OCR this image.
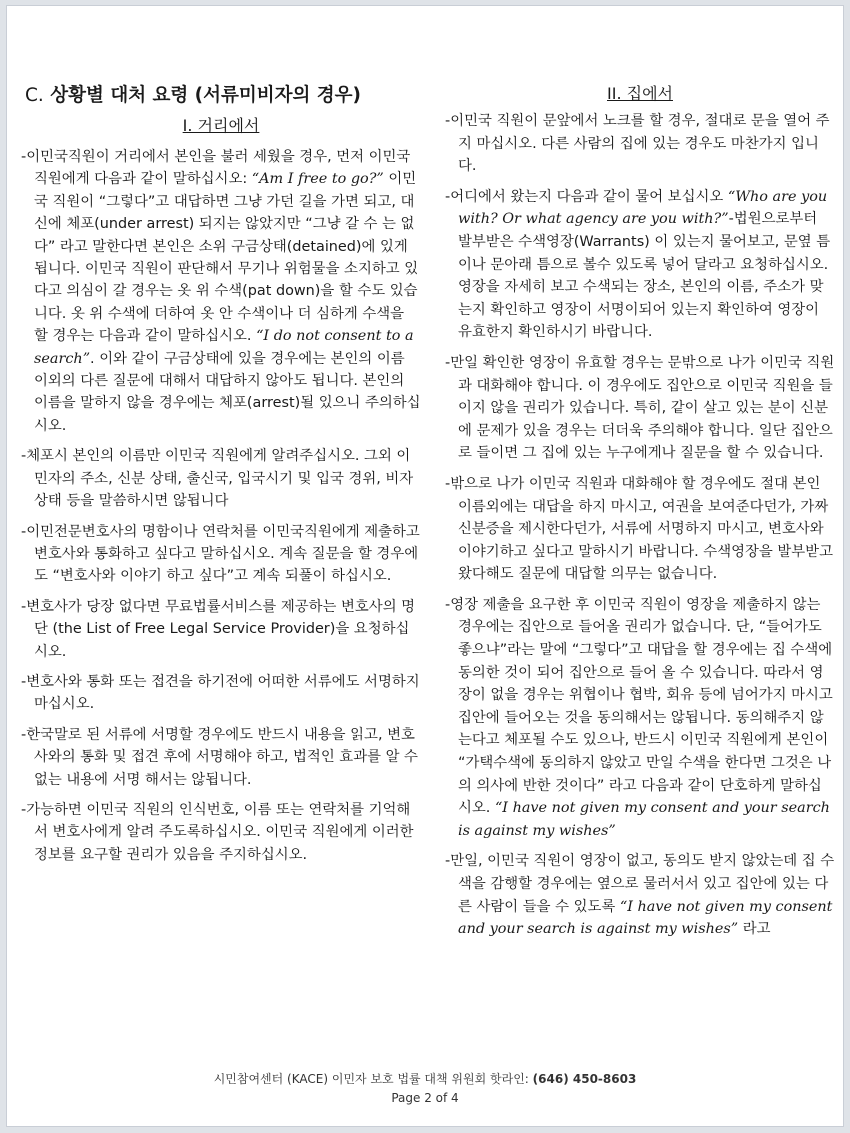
C. 상황별 대처 요령 (서류미비자의 경우)
I. 거리에서

-이민국직원이 거리에서 본인을 불러 세웠을 경우, 먼저 이민국 직원에게 다음과 같이 말하십시오: “Am I free to go?” 이민국 직원이 “그렇다”고 대답하면 그냥 가던 길을 가면 되고, 대신에 체포(under arrest) 되지는 않았지만 “그냥 갈 수 는 없다” 라고 말한다면 본인은 소위 구금상태(detained)에 있게 됩니다. 이민국 직원이 판단해서 무기나 위험물을 소지하고 있다고 의심이 갈 경우는 옷 위 수색(pat down)을 할 수도 있습니다. 옷 위 수색에 더하여 옷 안 수색이나 더 심하게 수색을 할 경우는 다음과 같이 말하십시오. “I do not consent to a search”. 이와 같이 구금상태에 있을 경우에는 본인의 이름 이외의 다른 질문에 대해서 대답하지 않아도 됩니다. 본인의 이름을 말하지 않을 경우에는 체포(arrest)될 있으니 주의하십시오.

-체포시 본인의 이름만 이민국 직원에게 알려주십시오. 그외 이민자의 주소, 신분 상태, 출신국, 입국시기 및 입국 경위, 비자 상태 등을 말씀하시면 않됩니다

-이민전문변호사의 명함이나 연락처를 이민국직원에게 제출하고 변호사와 통화하고 싶다고 말하십시오. 계속 질문을 할 경우에도 “변호사와 이야기 하고 싶다”고 계속 되풀이 하십시오.

-변호사가 당장 없다면 무료법률서비스를 제공하는 변호사의 명단 (the List of Free Legal Service Provider)을 요청하십시오.

-변호사와 통화 또는 접견을 하기전에 어떠한 서류에도 서명하지 마십시오.

-한국말로 된 서류에 서명할 경우에도 반드시 내용을 읽고, 변호사와의 통화 및 접견 후에 서명해야 하고, 법적인 효과를 알 수 없는 내용에 서명 해서는 않됩니다.

-가능하면 이민국 직원의 인식번호, 이름 또는 연락처를 기억해서 변호사에게 알려 주도록하십시오. 이민국 직원에게 이러한 정보를 요구할 권리가 있음을 주지하십시오.

II. 집에서

-이민국 직원이 문앞에서 노크를 할 경우, 절대로 문을 열어 주지 마십시오. 다른 사람의 집에 있는 경우도 마찬가지 입니다.

-어디에서 왔는지 다음과 같이 물어 보십시오 “Who are you with? Or what agency are you with?”-법원으로부터 발부받은 수색영장(Warrants) 이 있는지 물어보고, 문옆 틈이나 문아래 틈으로 볼수 있도록 넣어 달라고 요청하십시오. 영장을 자세히 보고 수색되는 장소, 본인의 이름, 주소가 맞는지 확인하고 영장이 서명이되어 있는지 확인하여 영장이 유효한지 확인하시기 바랍니다.

-만일 확인한 영장이 유효할 경우는 문밖으로 나가 이민국 직원과 대화해야 합니다. 이 경우에도 집안으로 이민국 직원을 들이지 않을 권리가 있습니다. 특히, 같이 살고 있는 분이 신분에 문제가 있을 경우는 더더욱 주의해야 합니다. 일단 집안으로 들이면 그 집에 있는 누구에게나 질문을 할 수 있습니다.

-밖으로 나가 이민국 직원과 대화해야 할 경우에도 절대 본인 이름외에는 대답을 하지 마시고, 여권을 보여준다던가, 가짜 신분증을 제시한다던가, 서류에 서명하지 마시고, 변호사와 이야기하고 싶다고 말하시기 바랍니다. 수색영장을 발부받고 왔다해도 질문에 대답할 의무는 없습니다.

-영장 제출을 요구한 후 이민국 직원이 영장을 제출하지 않는 경우에는 집안으로 들어올 권리가 없습니다. 단, “들어가도 좋으냐”라는 말에 “그렇다”고 대답을 할 경우에는 집 수색에 동의한 것이 되어 집안으로 들어 올 수 있습니다. 따라서 영장이 없을 경우는 위협이나 협박, 회유 등에 넘어가지 마시고 집안에 들어오는 것을 동의해서는 않됩니다. 동의해주지 않는다고 체포될 수도 있으나, 반드시 이민국 직원에게 본인이 “가택수색에 동의하지 않았고 만일 수색을 한다면 그것은 나의 의사에 반한 것이다” 라고 다음과 같이 단호하게 말하십시오. “I have not given my consent and your search is against my wishes”

-만일, 이민국 직원이 영장이 없고, 동의도 받지 않았는데 집 수색을 감행할 경우에는 옆으로 물러서서 있고 집안에 있는 다른 사람이 들을 수 있도록 “I have not given my consent and your search is against my wishes” 라고

시민참여센터 (KACE) 이민자 보호 법률 대책 위원회 핫라인: (646) 450-8603
Page 2 of 4
